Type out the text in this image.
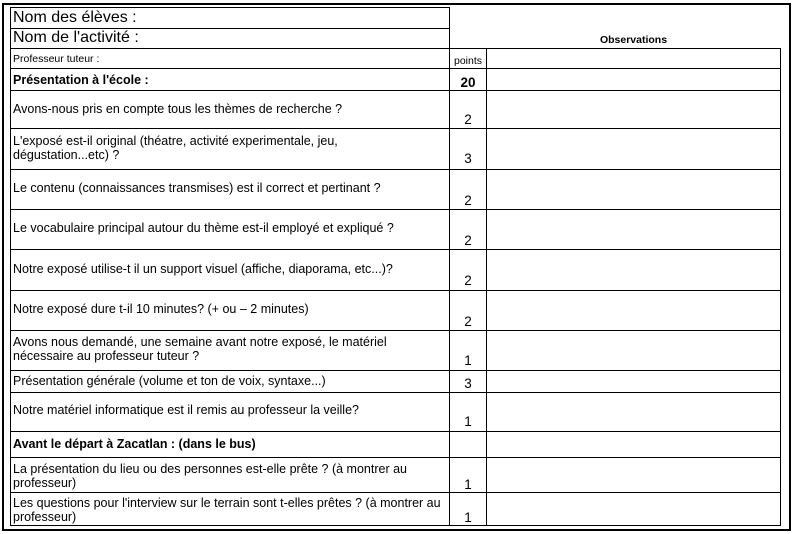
Nom des élèves :
Nom de l'activité :
Professeur tuteur :	points
Observations
Présentation à l'école :	20
Avons-nous pris en compte tous les thèmes de recherche ?
2
L'exposé est-il original (théatre, activité experimentale, jeu,
dégustation...etc) ?	3
Le contenu (connaissances transmises) est il correct et pertinant ?
2
Le vocabulaire principal autour du thème est-il employé et expliqué ?
2
Notre exposé utilise-t il un support visuel (affiche, diaporama, etc...)?
2
Notre exposé dure t-il 10 minutes? (+ ou – 2 minutes)
2
Avons nous demandé, une semaine avant notre exposé, le matériel
nécessaire au professeur tuteur ?	1
Présentation générale (volume et ton de voix, syntaxe...)	3
Notre matériel informatique est il remis au professeur la veille?
1
Avant le départ à Zacatlan : (dans le bus)
La présentation du lieu ou des personnes est-elle prête ? (à montrer au
professeur)	1
Les questions pour l'interview sur le terrain sont t-elles prêtes ? (à montrer au
professeur)	1
